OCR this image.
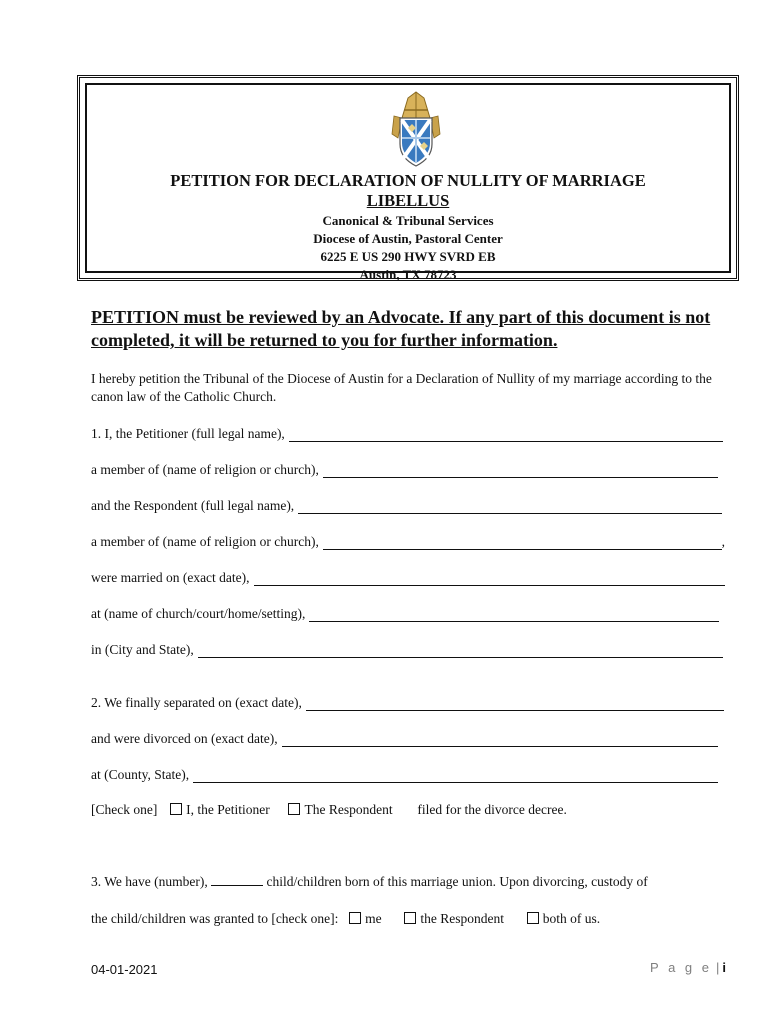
PETITION FOR DECLARATION OF NULLITY OF MARRIAGE
LIBELLUS
Canonical & Tribunal Services
Diocese of Austin, Pastoral Center
6225 E US 290 HWY SVRD EB
Austin, TX 78723
PETITION must be reviewed by an Advocate. If any part of this document is not completed, it will be returned to you for further information.
I hereby petition the Tribunal of the Diocese of Austin for a Declaration of Nullity of my marriage according to the canon law of the Catholic Church.
1. I, the Petitioner (full legal name),
a member of (name of religion or church),
and the Respondent (full legal name),
a member of (name of religion or church),	,
were married on (exact date),
at (name of church/court/home/setting),
in (City and State),
2. We finally separated on (exact date),
and were divorced on (exact date),
at (County, State),
[Check one] I, the Petitioner	The Respondent filed for the divorce decree.
3. We have (number),	child/children born of this marriage union. Upon divorcing, custody of
the child/children was granted to [check one]: me	the Respondent	both of us.
04-01-2021	P a g e |i
